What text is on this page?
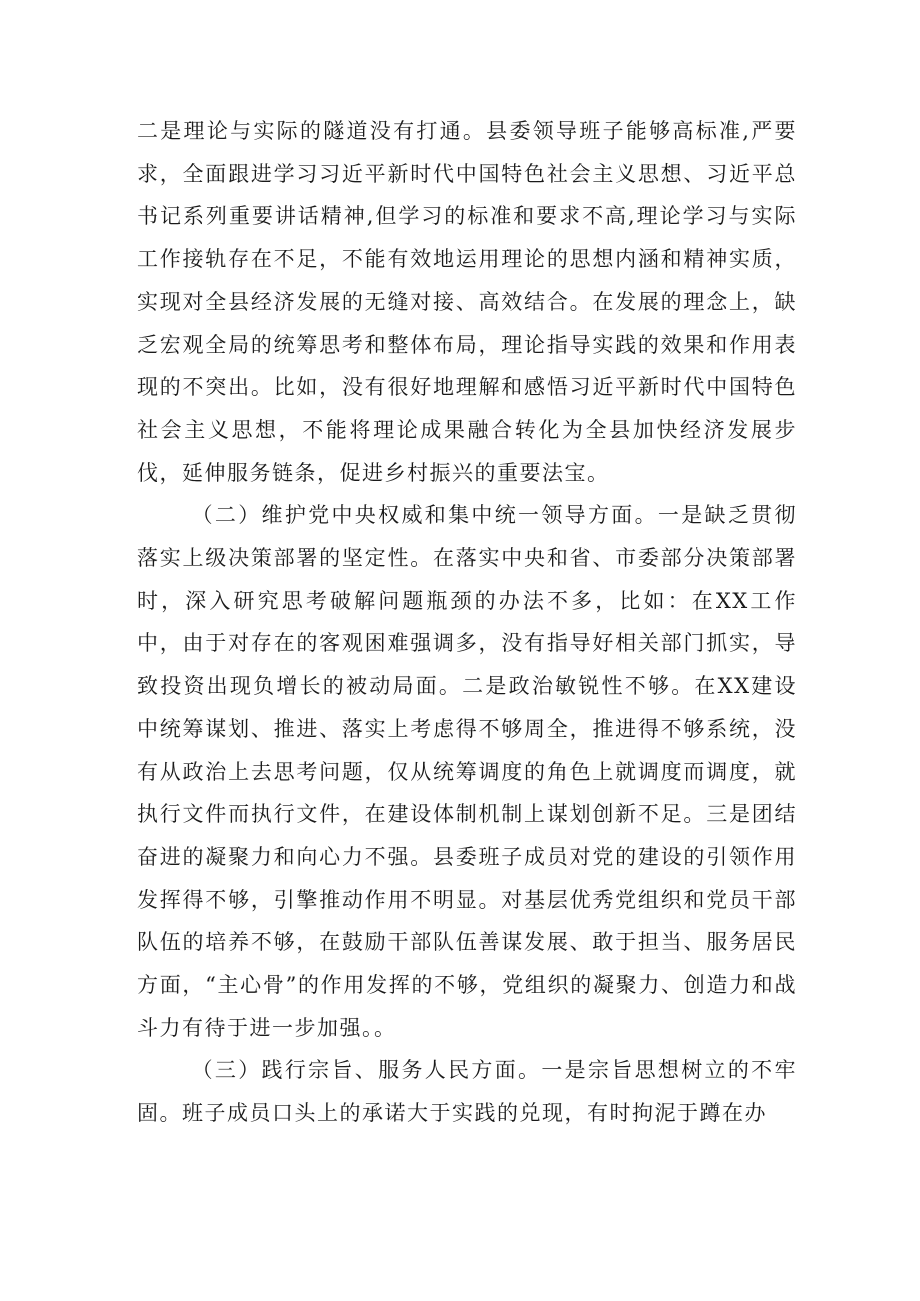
二是理论与实际的隧道没有打通。县委领导班子能够高标准,严要求，全面跟进学习习近平新时代中国特色社会主义思想、习近平总书记系列重要讲话精神,但学习的标准和要求不高,理论学习与实际工作接轨存在不足，不能有效地运用理论的思想内涵和精神实质，实现对全县经济发展的无缝对接、高效结合。在发展的理念上，缺乏宏观全局的统筹思考和整体布局，理论指导实践的效果和作用表现的不突出。比如，没有很好地理解和感悟习近平新时代中国特色社会主义思想，不能将理论成果融合转化为全县加快经济发展步伐，延伸服务链条，促进乡村振兴的重要法宝。

（二）维护党中央权威和集中统一领导方面。一是缺乏贯彻落实上级决策部署的坚定性。在落实中央和省、市委部分决策部署时，深入研究思考破解问题瓶颈的办法不多，比如：在XX工作中，由于对存在的客观困难强调多，没有指导好相关部门抓实，导致投资出现负增长的被动局面。二是政治敏锐性不够。在XX建设中统筹谋划、推进、落实上考虑得不够周全，推进得不够系统，没有从政治上去思考问题，仅从统筹调度的角色上就调度而调度，就执行文件而执行文件，在建设体制机制上谋划创新不足。三是团结奋进的凝聚力和向心力不强。县委班子成员对党的建设的引领作用发挥得不够，引擎推动作用不明显。对基层优秀党组织和党员干部队伍的培养不够，在鼓励干部队伍善谋发展、敢于担当、服务居民方面，“主心骨”的作用发挥的不够，党组织的凝聚力、创造力和战斗力有待于进一步加强。。

（三）践行宗旨、服务人民方面。一是宗旨思想树立的不牢固。班子成员口头上的承诺大于实践的兑现，有时拘泥于蹲在办
